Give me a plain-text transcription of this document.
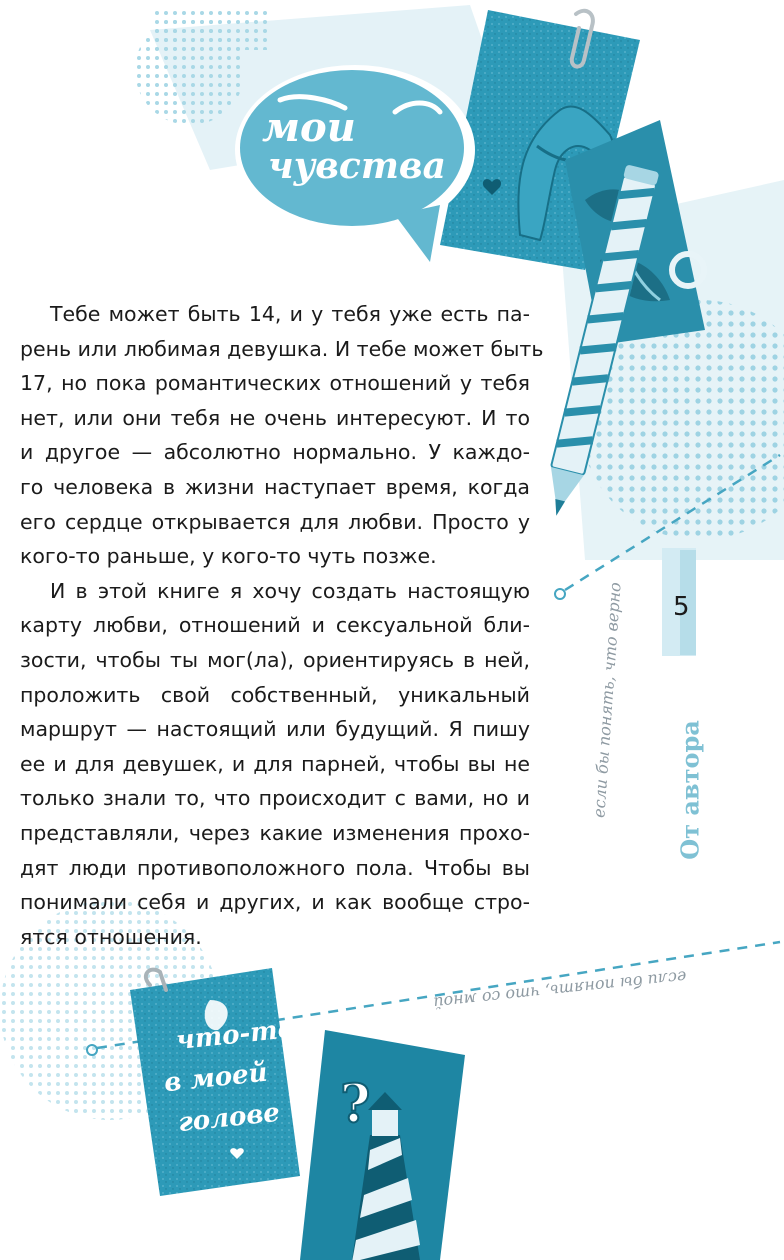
мои
чувства
Тебе может быть 14, и у тебя уже есть па-
рень или любимая девушка. И тебе может быть
17, но пока романтических отношений у тебя
нет, или они тебя не очень интересуют. И то
и другое — абсолютно нормально. У каждо-
го человека в жизни наступает время, когда
его сердце открывается для любви. Просто у
кого-то раньше, у кого-то чуть позже.
И в этой книге я хочу создать настоящую
карту любви, отношений и сексуальной бли-
зости, чтобы ты мог(ла), ориентируясь в ней,
проложить свой собственный, уникальный
маршрут — настоящий или будущий. Я пишу
ее и для девушек, и для парней, чтобы вы не
только знали то, что происходит с вами, но и
представляли, через какие изменения прохо-
дят люди противоположного пола. Чтобы вы
понимали себя и других, и как вообще стро-
ятся отношения.
5
От автора
если бы понять, что верно
если бы понять, что со мной
что-то
в моей
голове ?
